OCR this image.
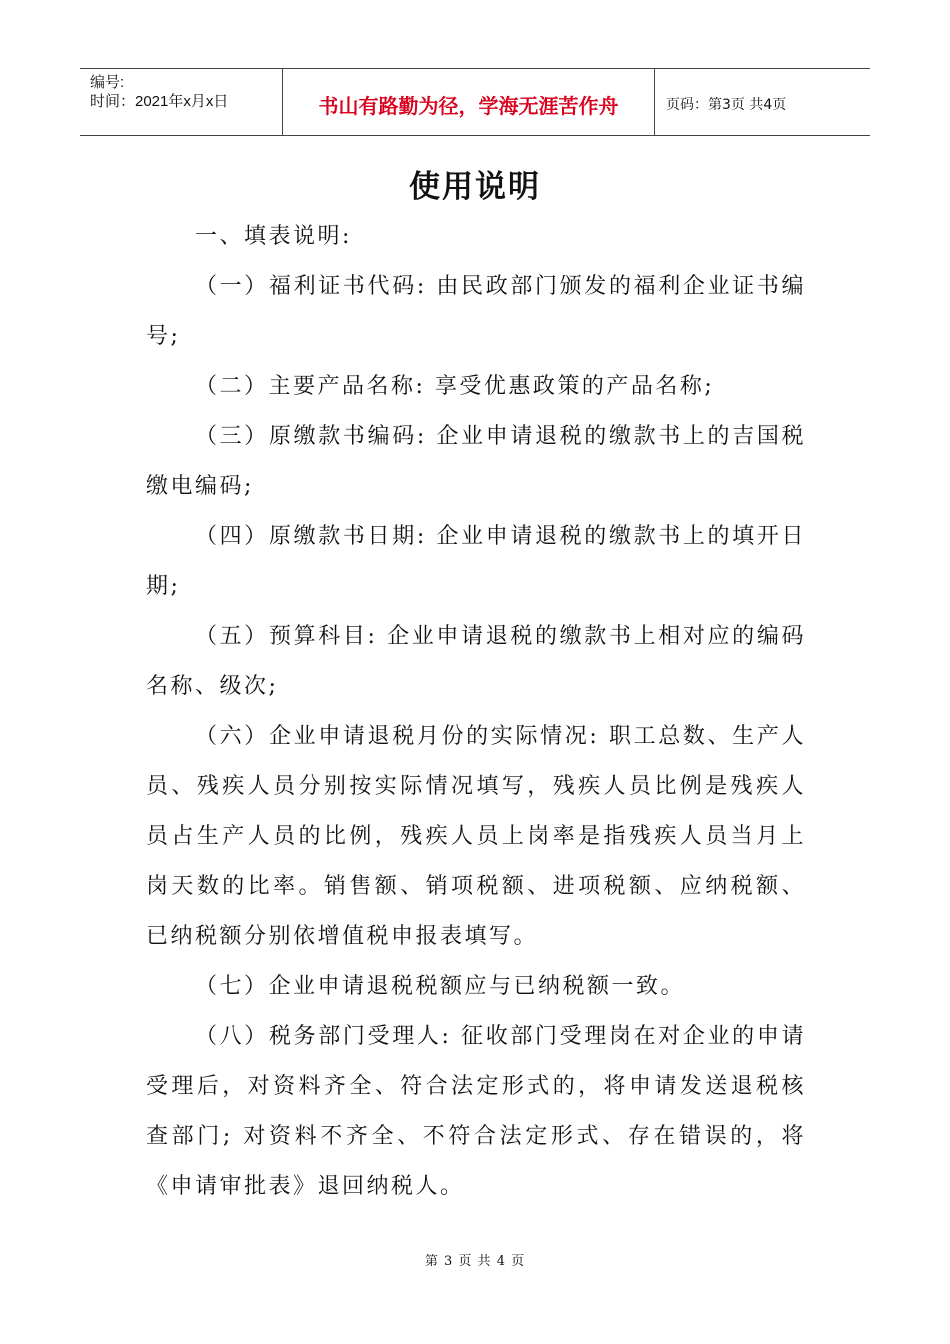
编号:
时间：2021年x月x日	书山有路勤为径，学海无涯苦作舟	页码：第3页 共4页
使用说明

一、填表说明:

（一）福利证书代码: 由民政部门颁发的福利企业证书编号;

（二）主要产品名称: 享受优惠政策的产品名称;

（三）原缴款书编码: 企业申请退税的缴款书上的吉国税缴电编码;

（四）原缴款书日期: 企业申请退税的缴款书上的填开日期;

（五）预算科目: 企业申请退税的缴款书上相对应的编码名称、级次;

（六）企业申请退税月份的实际情况: 职工总数、生产人员、残疾人员分别按实际情况填写，残疾人员比例是残疾人员占生产人员的比例，残疾人员上岗率是指残疾人员当月上岗天数的比率。销售额、销项税额、进项税额、应纳税额、已纳税额分别依增值税申报表填写。

（七）企业申请退税税额应与已纳税额一致。

（八）税务部门受理人: 征收部门受理岗在对企业的申请受理后，对资料齐全、符合法定形式的，将申请发送退税核查部门; 对资料不齐全、不符合法定形式、存在错误的，将《申请审批表》退回纳税人。

第 3 页 共 4 页
